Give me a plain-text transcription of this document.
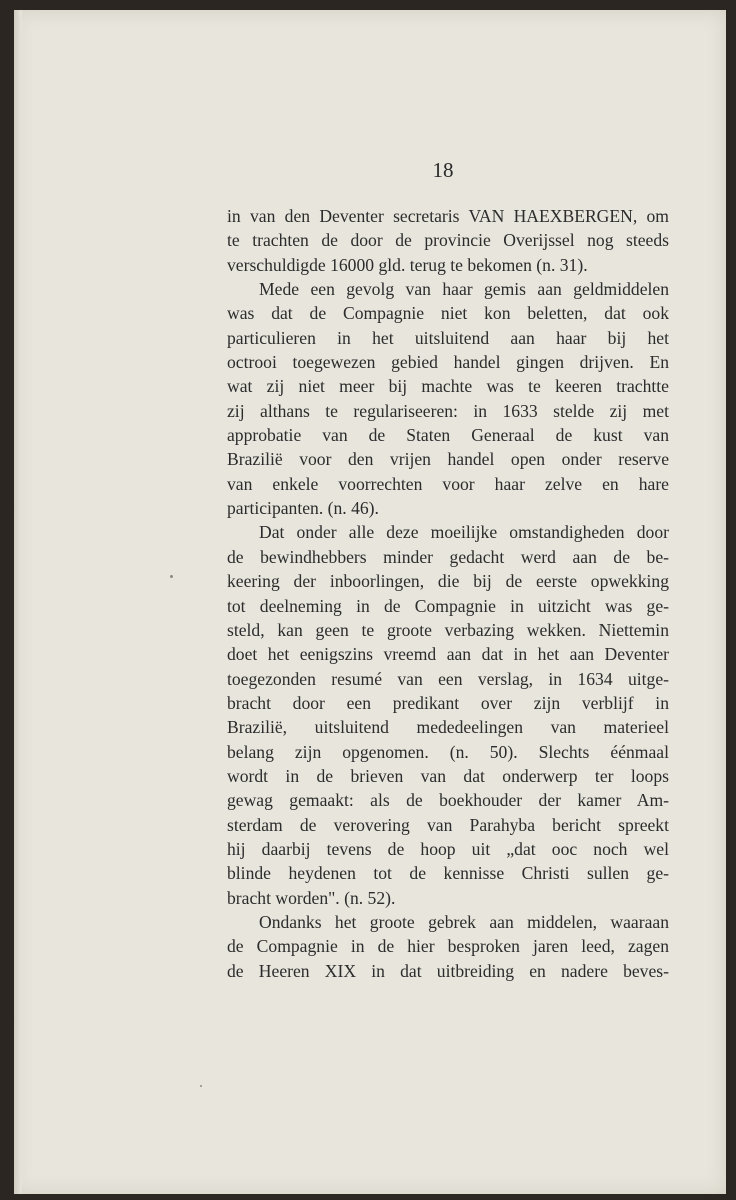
18
in van den Deventer secretaris VAN HAEXBERGEN, om
te trachten de door de provincie Overijssel nog steeds
verschuldigde 16000 gld. terug te bekomen (n. 31).
Mede een gevolg van haar gemis aan geldmiddelen
was dat de Compagnie niet kon beletten, dat ook
particulieren in het uitsluitend aan haar bij het
octrooi toegewezen gebied handel gingen drijven. En
wat zij niet meer bij machte was te keeren trachtte
zij althans te regulariseeren: in 1633 stelde zij met
approbatie van de Staten Generaal de kust van
Brazilië voor den vrijen handel open onder reserve
van enkele voorrechten voor haar zelve en hare
participanten. (n. 46).
Dat onder alle deze moeilijke omstandigheden door
de bewindhebbers minder gedacht werd aan de be-
keering der inboorlingen, die bij de eerste opwekking
tot deelneming in de Compagnie in uitzicht was ge-
steld, kan geen te groote verbazing wekken. Niettemin
doet het eenigszins vreemd aan dat in het aan Deventer
toegezonden resumé van een verslag, in 1634 uitge-
bracht door een predikant over zijn verblijf in
Brazilië, uitsluitend mededeelingen van materieel
belang zijn opgenomen. (n. 50). Slechts éénmaal
wordt in de brieven van dat onderwerp ter loops
gewag gemaakt: als de boekhouder der kamer Am-
sterdam de verovering van Parahyba bericht spreekt
hij daarbij tevens de hoop uit „dat ooc noch wel
blinde heydenen tot de kennisse Christi sullen ge-
bracht worden". (n. 52).
Ondanks het groote gebrek aan middelen, waaraan
de Compagnie in de hier besproken jaren leed, zagen
de Heeren XIX in dat uitbreiding en nadere beves-
